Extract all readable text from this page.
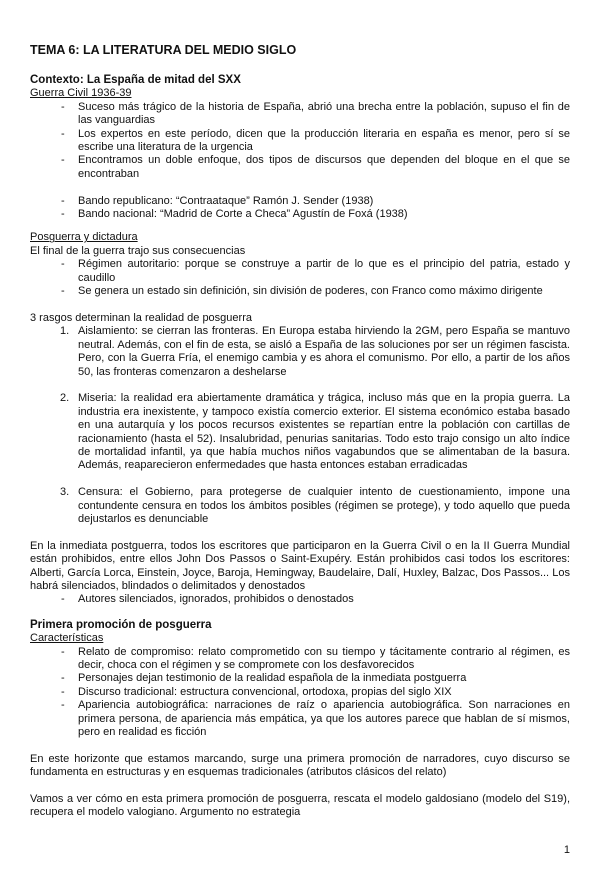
TEMA 6: LA LITERATURA DEL MEDIO SIGLO
Contexto: La España de mitad del SXX
Guerra Civil 1936-39
- Suceso más trágico de la historia de España, abrió una brecha entre la población, supuso el fin de las vanguardias
- Los expertos en este período, dicen que la producción literaria en españa es menor, pero sí se escribe una literatura de la urgencia
- Encontramos un doble enfoque, dos tipos de discursos que dependen del bloque en el que se encontraban
- Bando republicano: “Contraataque” Ramón J. Sender (1938)
- Bando nacional: “Madrid de Corte a Checa” Agustín de Foxá (1938)
Posguerra y dictadura

El final de la guerra trajo sus consecuencias

- Régimen autoritario: porque se construye a partir de lo que es el principio del patria, estado y caudillo
- Se genera un estado sin definición, sin división de poderes, con Franco como máximo dirigente

3 rasgos determinan la realidad de posguerra

1. Aislamiento: se cierran las fronteras. En Europa estaba hirviendo la 2GM, pero España se mantuvo neutral. Además, con el fin de esta, se aisló a España de las soluciones por ser un régimen fascista. Pero, con la Guerra Fría, el enemigo cambia y es ahora el comunismo. Por ello, a partir de los años 50, las fronteras comenzaron a deshelarse
2. Miseria: la realidad era abiertamente dramática y trágica, incluso más que en la propia guerra. La industria era inexistente, y tampoco existía comercio exterior. El sistema económico estaba basado en una autarquía y los pocos recursos existentes se repartían entre la población con cartillas de racionamiento (hasta el 52). Insalubridad, penurias sanitarias. Todo esto trajo consigo un alto índice de mortalidad infantil, ya que había muchos niños vagabundos que se alimentaban de la basura. Además, reaparecieron enfermedades que hasta entonces estaban erradicadas
3. Censura: el Gobierno, para protegerse de cualquier intento de cuestionamiento, impone una contundente censura en todos los ámbitos posibles (régimen se protege), y todo aquello que pueda dejustarlos es denunciable

En la inmediata postguerra, todos los escritores que participaron en la Guerra Civil o en la II Guerra Mundial están prohibidos, entre ellos John Dos Passos o Saint-Exupéry. Están prohibidos casi todos los escritores: Alberti, García Lorca, Einstein, Joyce, Baroja, Hemingway, Baudelaire, Dalí, Huxley, Balzac, Dos Passos... Los habrá silenciados, blindados o delimitados y denostados

- Autores silenciados, ignorados, prohibidos o denostados
Primera promoción de posguerra
Características
- Relato de compromiso: relato comprometido con su tiempo y tácitamente contrario al régimen, es decir, choca con el régimen y se compromete con los desfavorecidos
- Personajes dejan testimonio de la realidad española de la inmediata postguerra
- Discurso tradicional: estructura convencional, ortodoxa, propias del siglo XIX
- Apariencia autobiográfica: narraciones de raíz o apariencia autobiográfica. Son narraciones en primera persona, de apariencia más empática, ya que los autores parece que hablan de sí mismos, pero en realidad es ficción

En este horizonte que estamos marcando, surge una primera promoción de narradores, cuyo discurso se fundamenta en estructuras y en esquemas tradicionales (atributos clásicos del relato)

Vamos a ver cómo en esta primera promoción de posguerra, rescata el modelo galdosiano (modelo del S19), recupera el modelo valogiano. Argumento no estrategia

1
